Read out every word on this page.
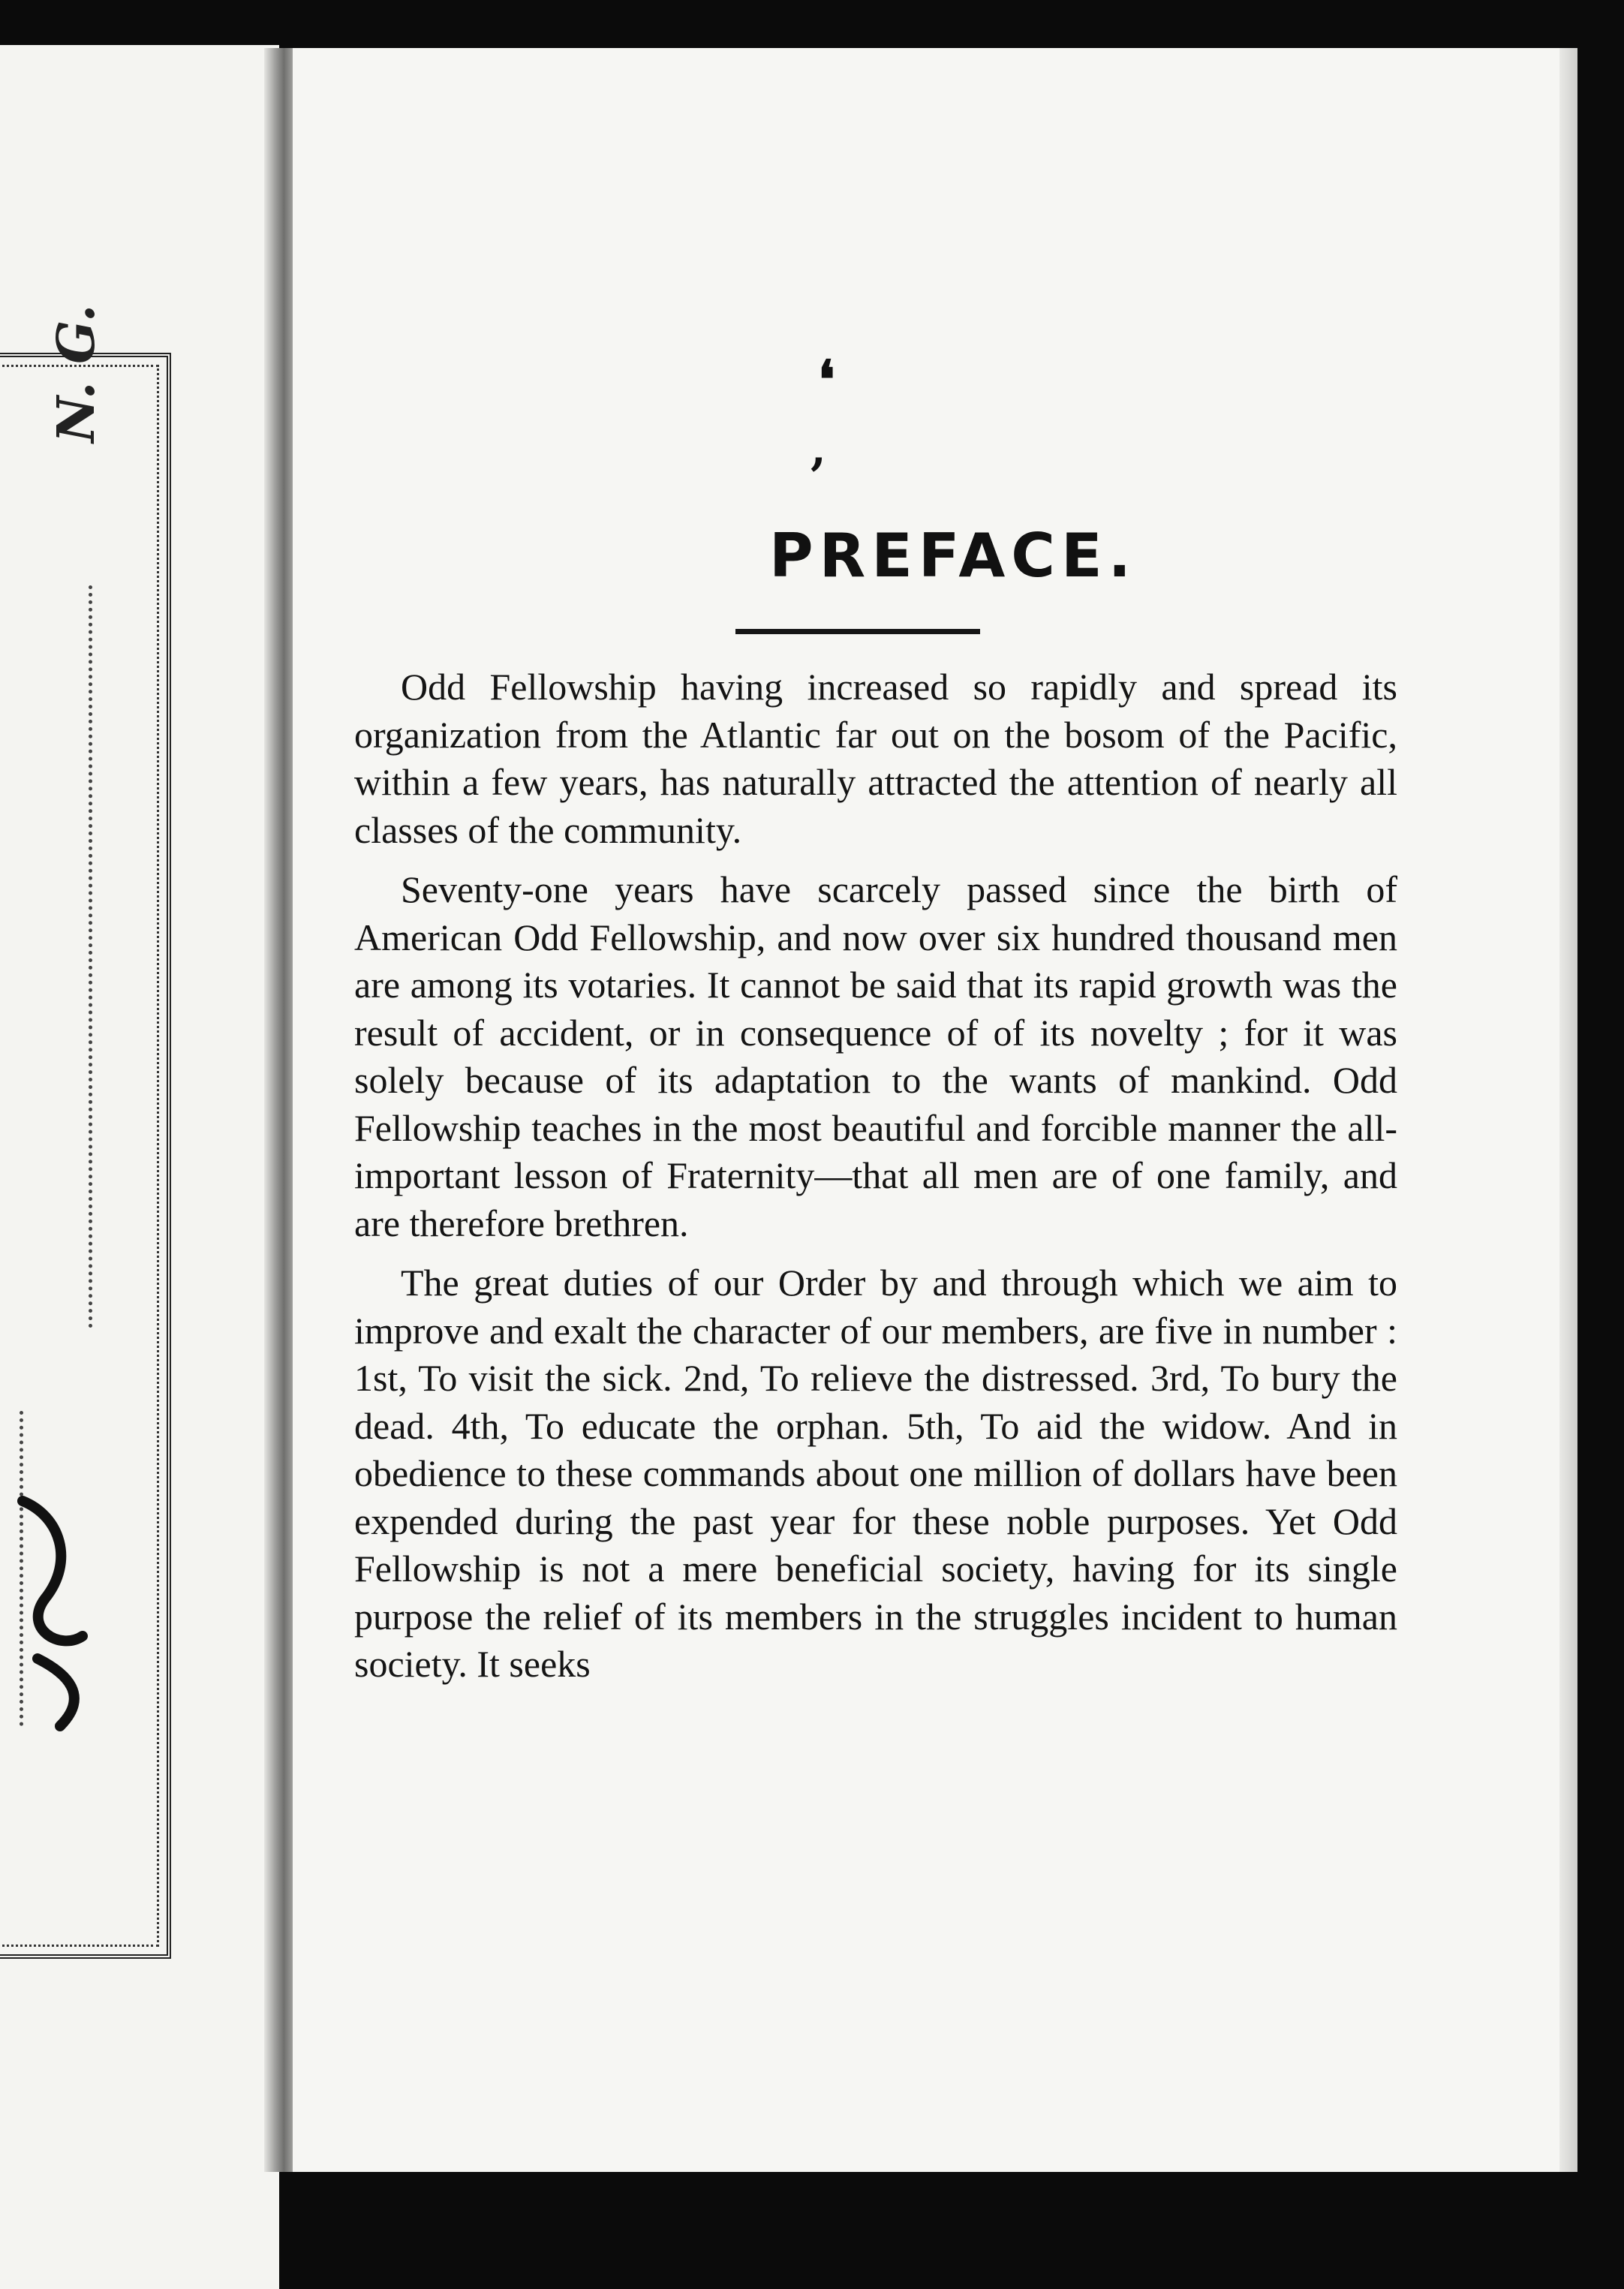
N. G.	❛
,
PREFACE.

Odd Fellowship having increased so rapidly and spread its organization from the Atlantic far out on the bosom of the Pacific, within a few years, has naturally attracted the attention of nearly all classes of the community.

Seventy-one years have scarcely passed since the birth of American Odd Fellowship, and now over six hundred thousand men are among its votaries. It cannot be said that its rapid growth was the result of accident, or in consequence of of its novelty ; for it was solely because of its adaptation to the wants of mankind. Odd Fellowship teaches in the most beautiful and forcible manner the all-important lesson of Fraternity—that all men are of one family, and are therefore brethren.

The great duties of our Order by and through which we aim to improve and exalt the character of our members, are five in number : 1st, To visit the sick. 2nd, To relieve the distressed. 3rd, To bury the dead. 4th, To educate the orphan. 5th, To aid the widow. And in obedience to these commands about one million of dollars have been expended during the past year for these noble purposes. Yet Odd Fellowship is not a mere beneficial society, having for its single purpose the relief of its members in the struggles incident to human society. It seeks
